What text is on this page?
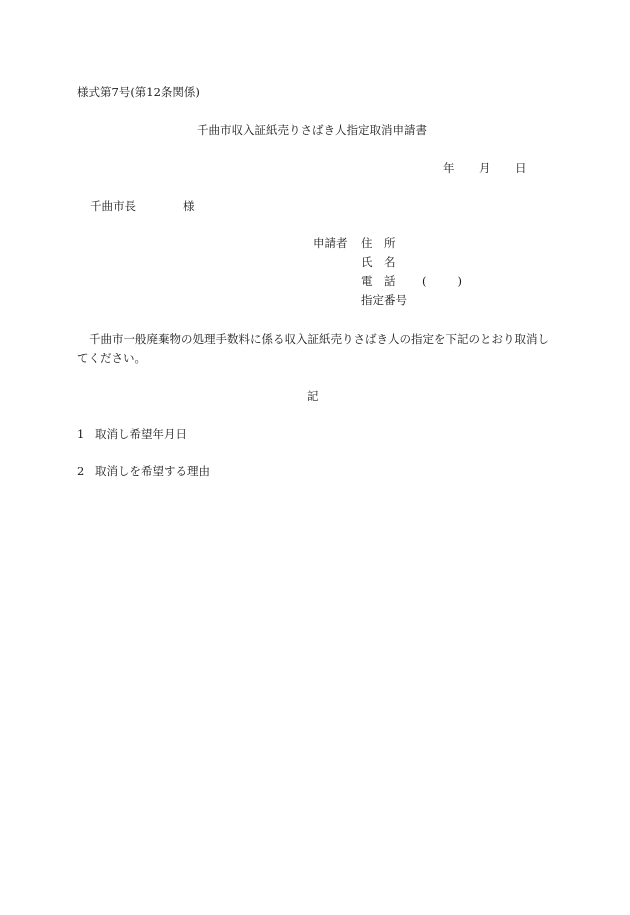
様式第7号(第12条関係)
千曲市収入証紙売りさばき人指定取消申請書
年 月 日
千曲市長	様
申請者 住　所
氏　名
電　話 (	)
指定番号
千曲市一般廃棄物の処理手数料に係る収入証紙売りさばき人の指定を下記のとおり取消してください。
記
1 取消し希望年月日
2 取消しを希望する理由
